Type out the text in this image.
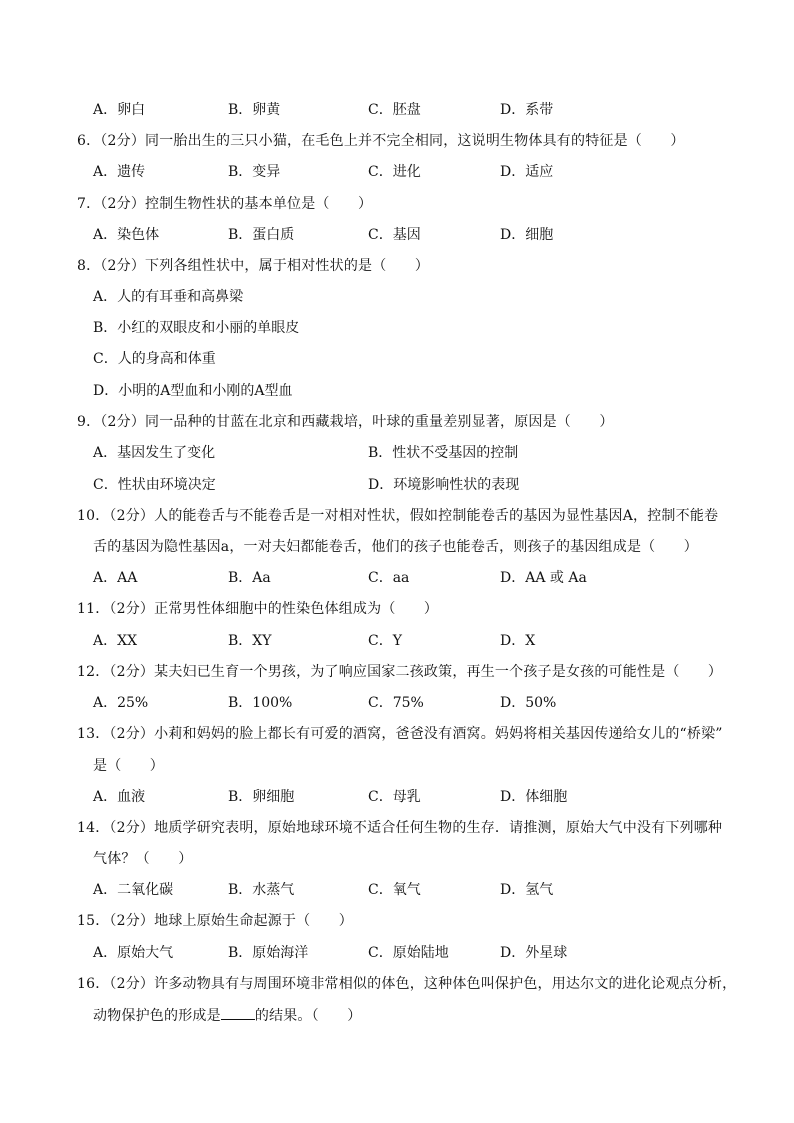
A．卵白	B．卵黄	C．胚盘	D．系带
6．（2分）同一胎出生的三只小猫，在毛色上并不完全相同，这说明生物体具有的特征是（　　）
A．遗传	B．变异	C．进化	D．适应
7．（2分）控制生物性状的基本单位是（　　）
A．染色体	B．蛋白质	C．基因	D．细胞
8．（2分）下列各组性状中，属于相对性状的是（　　）
A．人的有耳垂和高鼻梁
B．小红的双眼皮和小丽的单眼皮
C．人的身高和体重
D．小明的A型血和小刚的A型血
9．（2分）同一品种的甘蓝在北京和西藏栽培，叶球的重量差别显著，原因是（　　）
A．基因发生了变化	B．性状不受基因的控制
C．性状由环境决定	D．环境影响性状的表现
10．（2分）人的能卷舌与不能卷舌是一对相对性状，假如控制能卷舌的基因为显性基因A，控制不能卷
舌的基因为隐性基因a，一对夫妇都能卷舌，他们的孩子也能卷舌，则孩子的基因组成是（　　）
A．AA	B．Aa	C．aa	D．AA 或 Aa
11．（2分）正常男性体细胞中的性染色体组成为（　　）
A．XX	B．XY	C．Y	D．X
12．（2分）某夫妇已生育一个男孩，为了响应国家二孩政策，再生一个孩子是女孩的可能性是（　　）
A．25%	B．100%	C．75%	D．50%
13．（2分）小莉和妈妈的脸上都长有可爱的酒窝，爸爸没有酒窝。妈妈将相关基因传递给女儿的“桥梁”
是（　　）
A．血液	B．卵细胞	C．母乳	D．体细胞
14．（2分）地质学研究表明，原始地球环境不适合任何生物的生存．请推测，原始大气中没有下列哪种
气体？（　　）
A．二氧化碳	B．水蒸气	C．氧气	D．氢气
15．（2分）地球上原始生命起源于（　　）
A．原始大气	B．原始海洋	C．原始陆地	D．外星球
16．（2分）许多动物具有与周围环境非常相似的体色，这种体色叫保护色，用达尔文的进化论观点分析，
动物保护色的形成是 的结果。（　　）
